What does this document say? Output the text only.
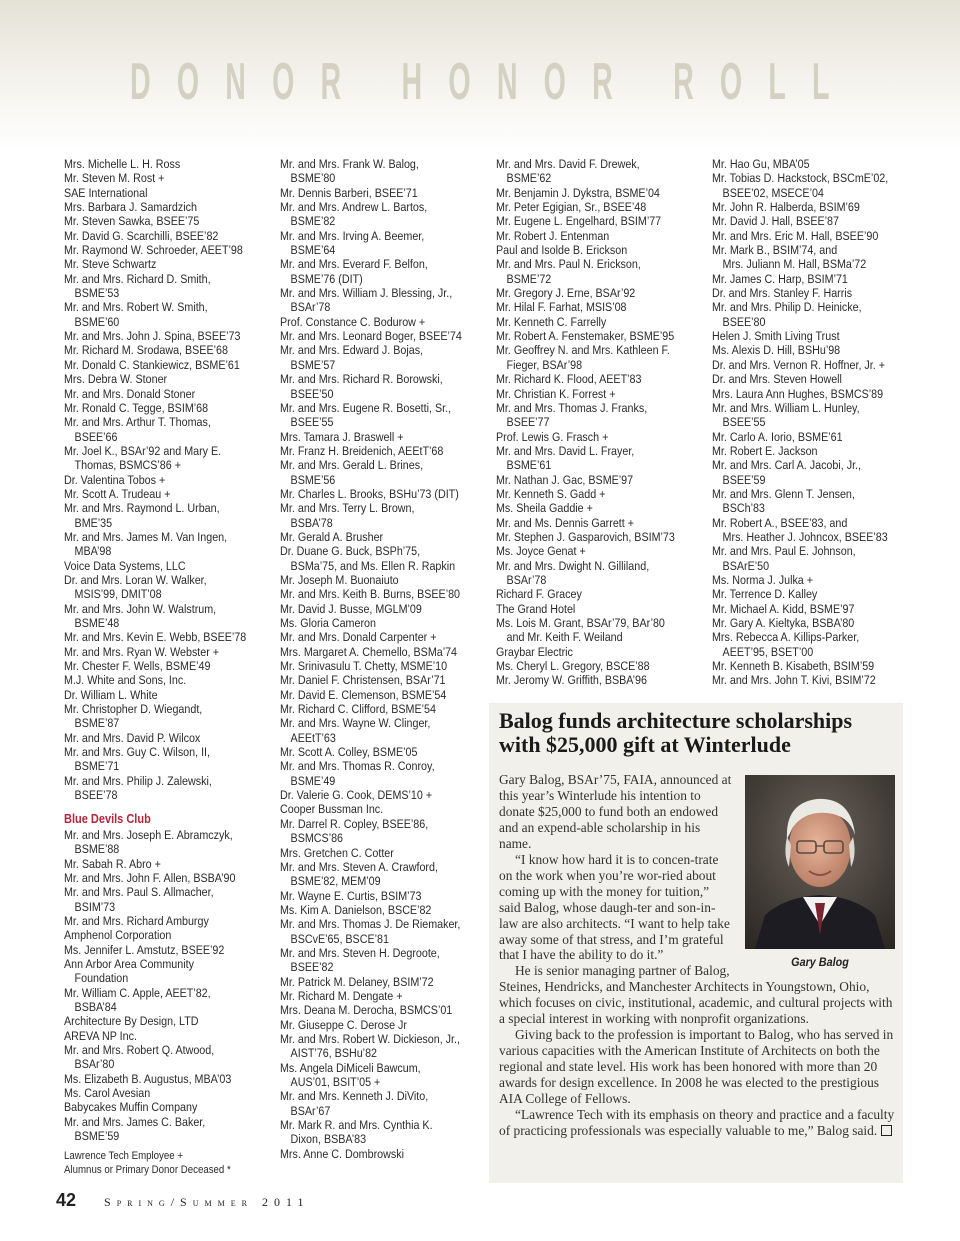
D O N O R
H O N O R
R O L L
Mrs. Michelle L. H. Ross
Mr. Steven M. Rost +
SAE International
Mrs. Barbara J. Samardzich
Mr. Steven Sawka, BSEE’75
Mr. David G. Scarchilli, BSEE’82
Mr. Raymond W. Schroeder, AEET’98
Mr. Steve Schwartz
Mr. and Mrs. Richard D. Smith,
BSME’53
Mr. and Mrs. Robert W. Smith,
BSME’60
Mr. and Mrs. John J. Spina, BSEE’73
Mr. Richard M. Srodawa, BSEE’68
Mr. Donald C. Stankiewicz, BSME’61
Mrs. Debra W. Stoner
Mr. and Mrs. Donald Stoner
Mr. Ronald C. Tegge, BSIM’68
Mr. and Mrs. Arthur T. Thomas,
BSEE’66
Mr. Joel K., BSAr’92 and Mary E.
Thomas, BSMCS’86 +
Dr. Valentina Tobos +
Mr. Scott A. Trudeau +
Mr. and Mrs. Raymond L. Urban,
BME’35
Mr. and Mrs. James M. Van Ingen,
MBA’98
Voice Data Systems, LLC
Dr. and Mrs. Loran W. Walker,
MSIS’99, DMIT’08
Mr. and Mrs. John W. Walstrum,
BSME’48
Mr. and Mrs. Kevin E. Webb, BSEE’78
Mr. and Mrs. Ryan W. Webster +
Mr. Chester F. Wells, BSME’49
M.J. White and Sons, Inc.
Dr. William L. White
Mr. Christopher D. Wiegandt,
BSME’87
Mr. and Mrs. David P. Wilcox
Mr. and Mrs. Guy C. Wilson, II,
BSME’71
Mr. and Mrs. Philip J. Zalewski,
BSEE’78
Blue Devils Club
Mr. and Mrs. Joseph E. Abramczyk,
BSME’88
Mr. Sabah R. Abro +
Mr. and Mrs. John F. Allen, BSBA’90
Mr. and Mrs. Paul S. Allmacher,
BSIM’73
Mr. and Mrs. Richard Amburgy
Amphenol Corporation
Ms. Jennifer L. Amstutz, BSEE’92
Ann Arbor Area Community
Foundation
Mr. William C. Apple, AEET’82,
BSBA’84
Architecture By Design, LTD
AREVA NP Inc.
Mr. and Mrs. Robert Q. Atwood,
BSAr’80
Ms. Elizabeth B. Augustus, MBA’03
Ms. Carol Avesian
Babycakes Muffin Company
Mr. and Mrs. James C. Baker,
BSME’59
Lawrence Tech Employee +
Alumnus or Primary Donor Deceased *
Mr. and Mrs. Frank W. Balog,
BSME’80
Mr. Dennis Barberi, BSEE’71
Mr. and Mrs. Andrew L. Bartos,
BSME’82
Mr. and Mrs. Irving A. Beemer,
BSME’64
Mr. and Mrs. Everard F. Belfon,
BSME’76 (DIT)
Mr. and Mrs. William J. Blessing, Jr.,
BSAr’78
Prof. Constance C. Bodurow +
Mr. and Mrs. Leonard Boger, BSEE’74
Mr. and Mrs. Edward J. Bojas,
BSME’57
Mr. and Mrs. Richard R. Borowski,
BSEE’50
Mr. and Mrs. Eugene R. Bosetti, Sr.,
BSEE’55
Mrs. Tamara J. Braswell +
Mr. Franz H. Breidenich, AEEtT’68
Mr. and Mrs. Gerald L. Brines,
BSME’56
Mr. Charles L. Brooks, BSHu’73 (DIT)
Mr. and Mrs. Terry L. Brown,
BSBA’78
Mr. Gerald A. Brusher
Dr. Duane G. Buck, BSPh’75,
BSMa’75, and Ms. Ellen R. Rapkin
Mr. Joseph M. Buonaiuto
Mr. and Mrs. Keith B. Burns, BSEE’80
Mr. David J. Busse, MGLM’09
Ms. Gloria Cameron
Mr. and Mrs. Donald Carpenter +
Mrs. Margaret A. Chemello, BSMa’74
Mr. Srinivasulu T. Chetty, MSME’10
Mr. Daniel F. Christensen, BSAr’71
Mr. David E. Clemenson, BSME’54
Mr. Richard C. Clifford, BSME’54
Mr. and Mrs. Wayne W. Clinger,
AEEtT’63
Mr. Scott A. Colley, BSME’05
Mr. and Mrs. Thomas R. Conroy,
BSME’49
Dr. Valerie G. Cook, DEMS’10 +
Cooper Bussman Inc.
Mr. Darrel R. Copley, BSEE’86,
BSMCS’86
Mrs. Gretchen C. Cotter
Mr. and Mrs. Steven A. Crawford,
BSME’82, MEM’09
Mr. Wayne E. Curtis, BSIM’73
Ms. Kim A. Danielson, BSCE’82
Mr. and Mrs. Thomas J. De Riemaker,
BSCvE’65, BSCE’81
Mr. and Mrs. Steven H. Degroote,
BSEE’82
Mr. Patrick M. Delaney, BSIM’72
Mr. Richard M. Dengate +
Mrs. Deana M. Derocha, BSMCS’01
Mr. Giuseppe C. Derose Jr
Mr. and Mrs. Robert W. Dickieson, Jr.,
AIST’76, BSHu’82
Ms. Angela DiMiceli Bawcum,
AUS’01, BSIT’05 +
Mr. and Mrs. Kenneth J. DiVito,
BSAr’67
Mr. Mark R. and Mrs. Cynthia K.
Dixon, BSBA’83
Mrs. Anne C. Dombrowski
Mr. and Mrs. David F. Drewek,
BSME’62
Mr. Benjamin J. Dykstra, BSME’04
Mr. Peter Egigian, Sr., BSEE’48
Mr. Eugene L. Engelhard, BSIM’77
Mr. Robert J. Entenman
Paul and Isolde B. Erickson
Mr. and Mrs. Paul N. Erickson,
BSME’72
Mr. Gregory J. Erne, BSAr’92
Mr. Hilal F. Farhat, MSIS’08
Mr. Kenneth C. Farrelly
Mr. Robert A. Fenstemaker, BSME’95
Mr. Geoffrey N. and Mrs. Kathleen F.
Fieger, BSAr’98
Mr. Richard K. Flood, AEET’83
Mr. Christian K. Forrest +
Mr. and Mrs. Thomas J. Franks,
BSEE’77
Prof. Lewis G. Frasch +
Mr. and Mrs. David L. Frayer,
BSME’61
Mr. Nathan J. Gac, BSME’97
Mr. Kenneth S. Gadd +
Ms. Sheila Gaddie +
Mr. and Ms. Dennis Garrett +
Mr. Stephen J. Gasparovich, BSIM’73
Ms. Joyce Genat +
Mr. and Mrs. Dwight N. Gilliland,
BSAr’78
Richard F. Gracey
The Grand Hotel
Ms. Lois M. Grant, BSAr’79, BAr’80
and Mr. Keith F. Weiland
Graybar Electric
Ms. Cheryl L. Gregory, BSCE’88
Mr. Jeromy W. Griffith, BSBA’96
Mr. Hao Gu, MBA’05
Mr. Tobias D. Hackstock, BSCmE’02,
BSEE’02, MSECE’04
Mr. John R. Halberda, BSIM’69
Mr. David J. Hall, BSEE’87
Mr. and Mrs. Eric M. Hall, BSEE’90
Mr. Mark B., BSIM’74, and
Mrs. Juliann M. Hall, BSMa’72
Mr. James C. Harp, BSIM’71
Dr. and Mrs. Stanley F. Harris
Mr. and Mrs. Philip D. Heinicke,
BSEE’80
Helen J. Smith Living Trust
Ms. Alexis D. Hill, BSHu’98
Dr. and Mrs. Vernon R. Hoffner, Jr. +
Dr. and Mrs. Steven Howell
Mrs. Laura Ann Hughes, BSMCS’89
Mr. and Mrs. William L. Hunley,
BSEE’55
Mr. Carlo A. Iorio, BSME’61
Mr. Robert E. Jackson
Mr. and Mrs. Carl A. Jacobi, Jr.,
BSEE’59
Mr. and Mrs. Glenn T. Jensen,
BSCh’83
Mr. Robert A., BSEE’83, and
Mrs. Heather J. Johncox, BSEE’83
Mr. and Mrs. Paul E. Johnson,
BSArE’50
Ms. Norma J. Julka +
Mr. Terrence D. Kalley
Mr. Michael A. Kidd, BSME’97
Mr. Gary A. Kieltyka, BSBA’80
Mrs. Rebecca A. Killips-Parker,
AEET’95, BSET’00
Mr. Kenneth B. Kisabeth, BSIM’59
Mr. and Mrs. John T. Kivi, BSIM’72
Balog funds architecture scholarships
with $25,000 gift at Winterlude
Gary Balog

Gary Balog, BSAr’75, FAIA, announced at this year’s Winterlude his intention to donate $25,000 to fund both an endowed and an expend-able scholarship in his name.

“I know how hard it is to concen-trate on the work when you’re wor-ried about coming up with the money for tuition,” said Balog, whose daugh-ter and son-in-law are also architects. “I want to help take away some of that stress, and I’m grateful that I have the ability to do it.”

He is senior managing partner of Balog, Steines, Hendricks, and Manchester Architects in Youngstown, Ohio, which focuses on civic, institutional, academic, and cultural projects with a special interest in working with nonprofit organizations.

Giving back to the profession is important to Balog, who has served in various capacities with the American Institute of Architects on both the regional and state level. His work has been honored with more than 20 awards for design excellence. In 2008 he was elected to the prestigious AIA College of Fellows.

“Lawrence Tech with its emphasis on theory and practice and a faculty of practicing professionals was especially valuable to me,” Balog said.

42 Spring/Summer 2011
